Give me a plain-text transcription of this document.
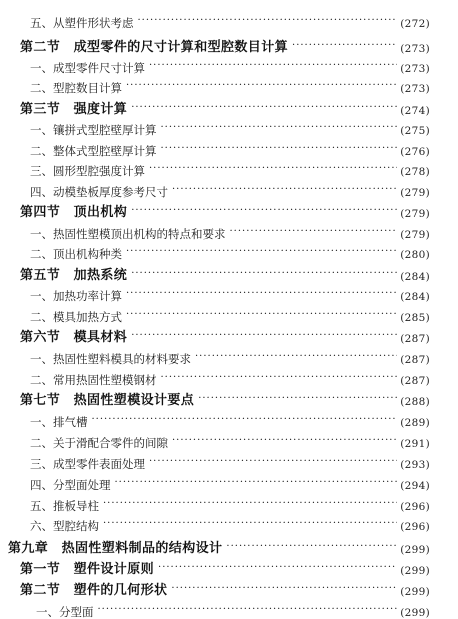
五、从塑件形状考虑 ·····	(272)
第二节　成型零件的尺寸计算和型腔数目计算 ·····	(273)
一、成型零件尺寸计算 ·····	(273)
二、型腔数目计算 ·····	(273)
第三节　强度计算 ·····	(274)
一、镶拼式型腔壁厚计算 ·····	(275)
二、整体式型腔壁厚计算 ·····	(276)
三、圆形型腔强度计算 ·····	(278)
四、动模垫板厚度参考尺寸 ·····	(279)
第四节　顶出机构 ·····	(279)
一、热固性塑模顶出机构的特点和要求 ·····	(279)
二、顶出机构种类 ·····	(280)
第五节　加热系统 ·····	(284)
一、加热功率计算 ·····	(284)
二、模具加热方式 ·····	(285)
第六节　模具材料 ·····	(287)
一、热固性塑料模具的材料要求 ·····	(287)
二、常用热固性塑模钢材 ·····	(287)
第七节　热固性塑模设计要点 ·····	(288)
一、排气槽 ·····	(289)
二、关于滑配合零件的间隙 ·····	(291)
三、成型零件表面处理 ·····	(293)
四、分型面处理 ·····	(294)
五、推板导柱 ·····	(296)
六、型腔结构 ·····	(296)
第九章　热固性塑料制品的结构设计 ·····	(299)
第一节　塑件设计原则 ·····	(299)
第二节　塑件的几何形状 ·····	(299)
一、分型面 ·····	(299)
